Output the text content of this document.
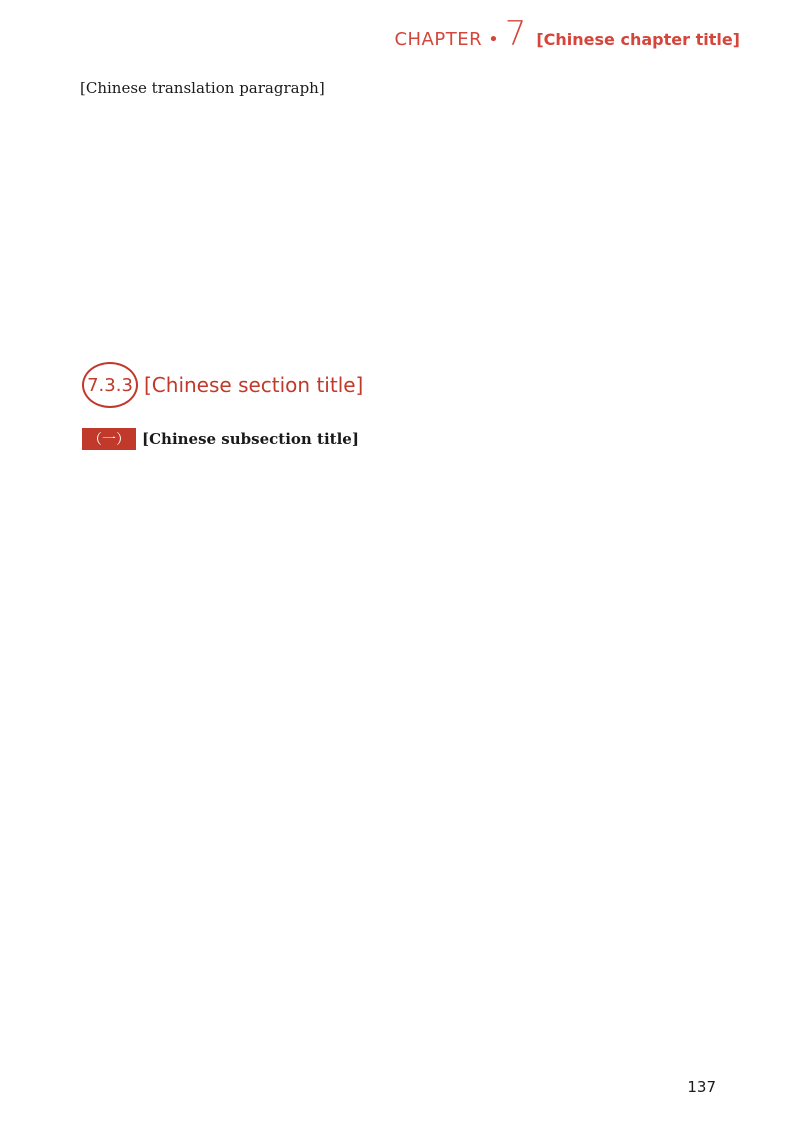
CHAPTER • 7 [Chinese chapter title]
[Chinese translation paragraph]
7.3.3 [Chinese section title]
（一） [Chinese subsection title]
137
